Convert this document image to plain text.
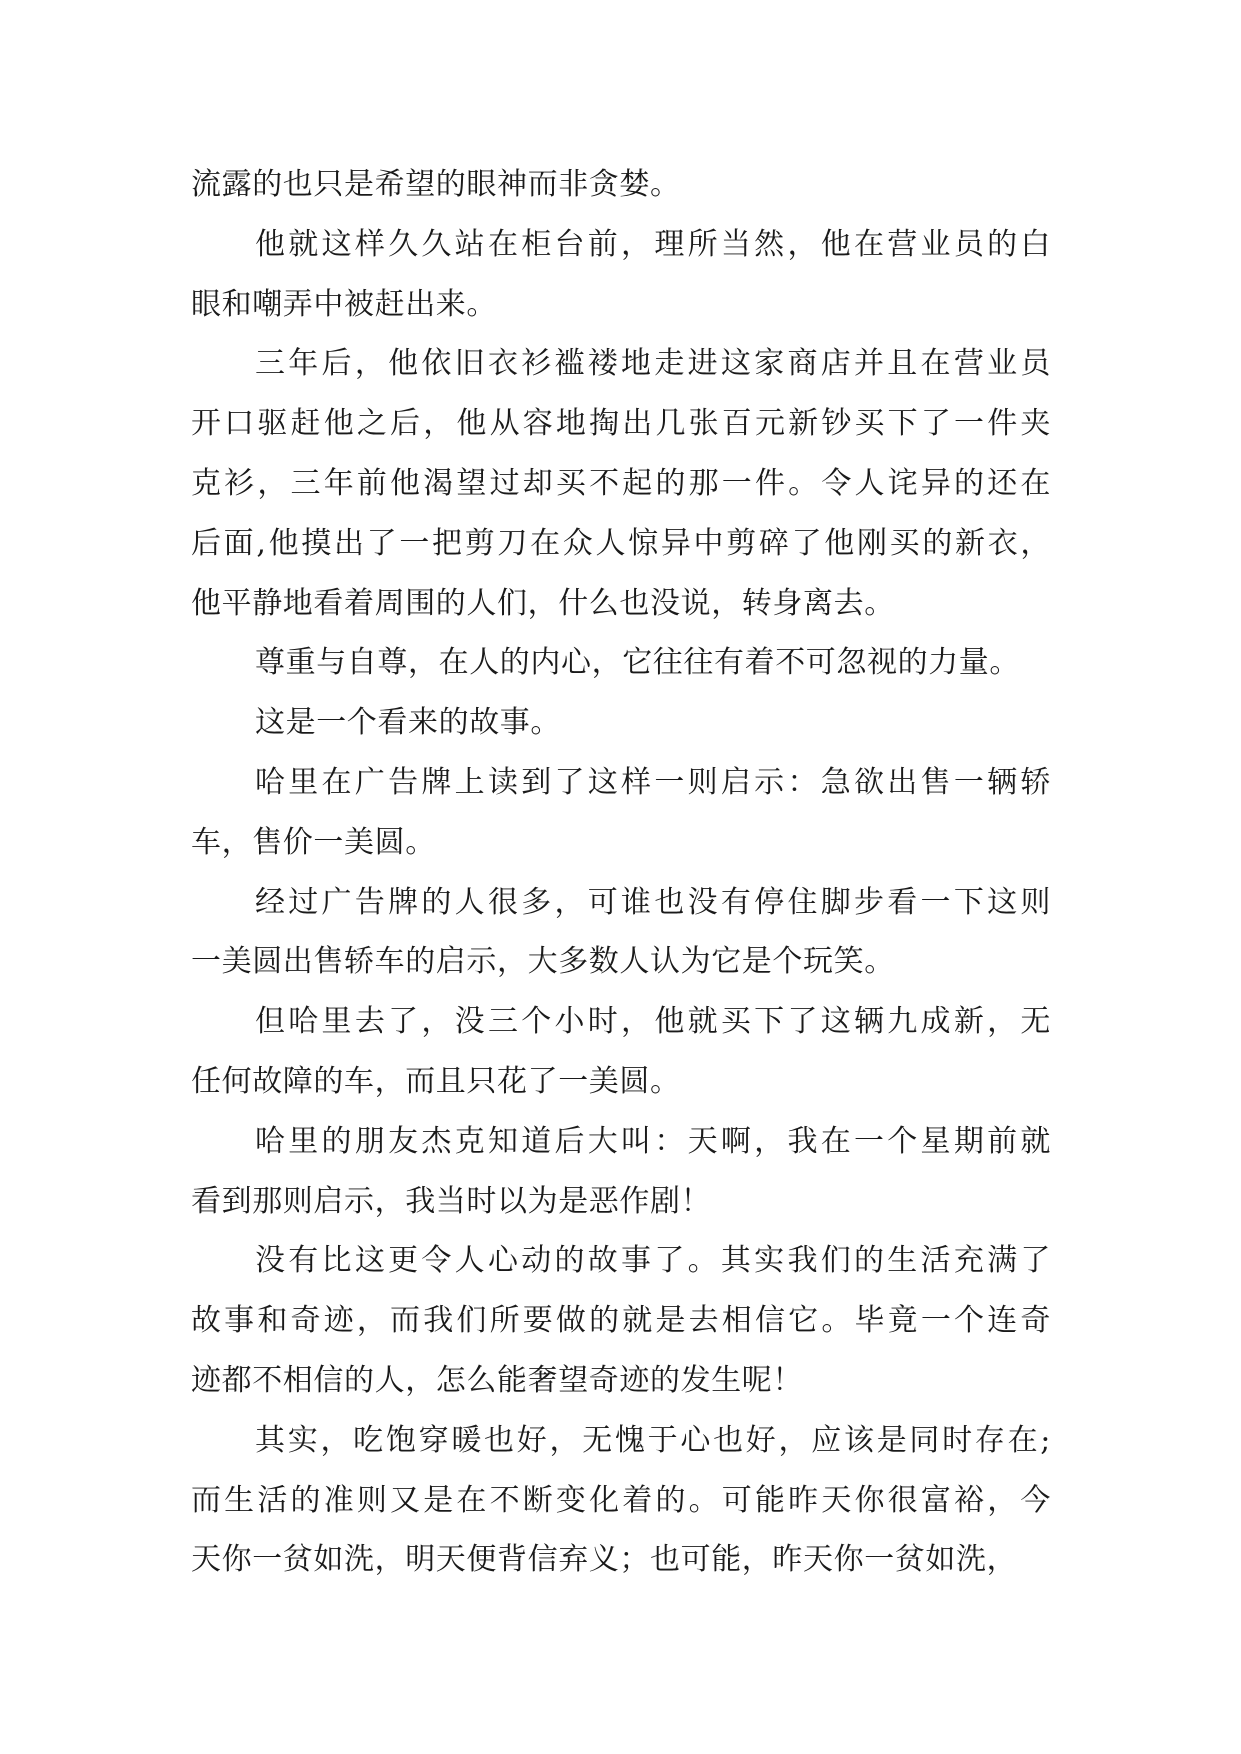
流露的也只是希望的眼神而非贪婪。
他就这样久久站在柜台前，理所当然，他在营业员的白
眼和嘲弄中被赶出来。
三年后，他依旧衣衫褴褛地走进这家商店并且在营业员
开口驱赶他之后，他从容地掏出几张百元新钞买下了一件夹
克衫，三年前他渴望过却买不起的那一件。令人诧异的还在
后面,他摸出了一把剪刀在众人惊异中剪碎了他刚买的新衣，
他平静地看着周围的人们，什么也没说，转身离去。
尊重与自尊，在人的内心，它往往有着不可忽视的力量。
这是一个看来的故事。
哈里在广告牌上读到了这样一则启示：急欲出售一辆轿
车，售价一美圆。
经过广告牌的人很多，可谁也没有停住脚步看一下这则
一美圆出售轿车的启示，大多数人认为它是个玩笑。
但哈里去了，没三个小时，他就买下了这辆九成新，无
任何故障的车，而且只花了一美圆。
哈里的朋友杰克知道后大叫：天啊，我在一个星期前就
看到那则启示，我当时以为是恶作剧！
没有比这更令人心动的故事了。其实我们的生活充满了
故事和奇迹，而我们所要做的就是去相信它。毕竟一个连奇
迹都不相信的人，怎么能奢望奇迹的发生呢！
其实，吃饱穿暖也好，无愧于心也好，应该是同时存在;
而生活的准则又是在不断变化着的。可能昨天你很富裕，今
天你一贫如洗，明天便背信弃义；也可能，昨天你一贫如洗，
